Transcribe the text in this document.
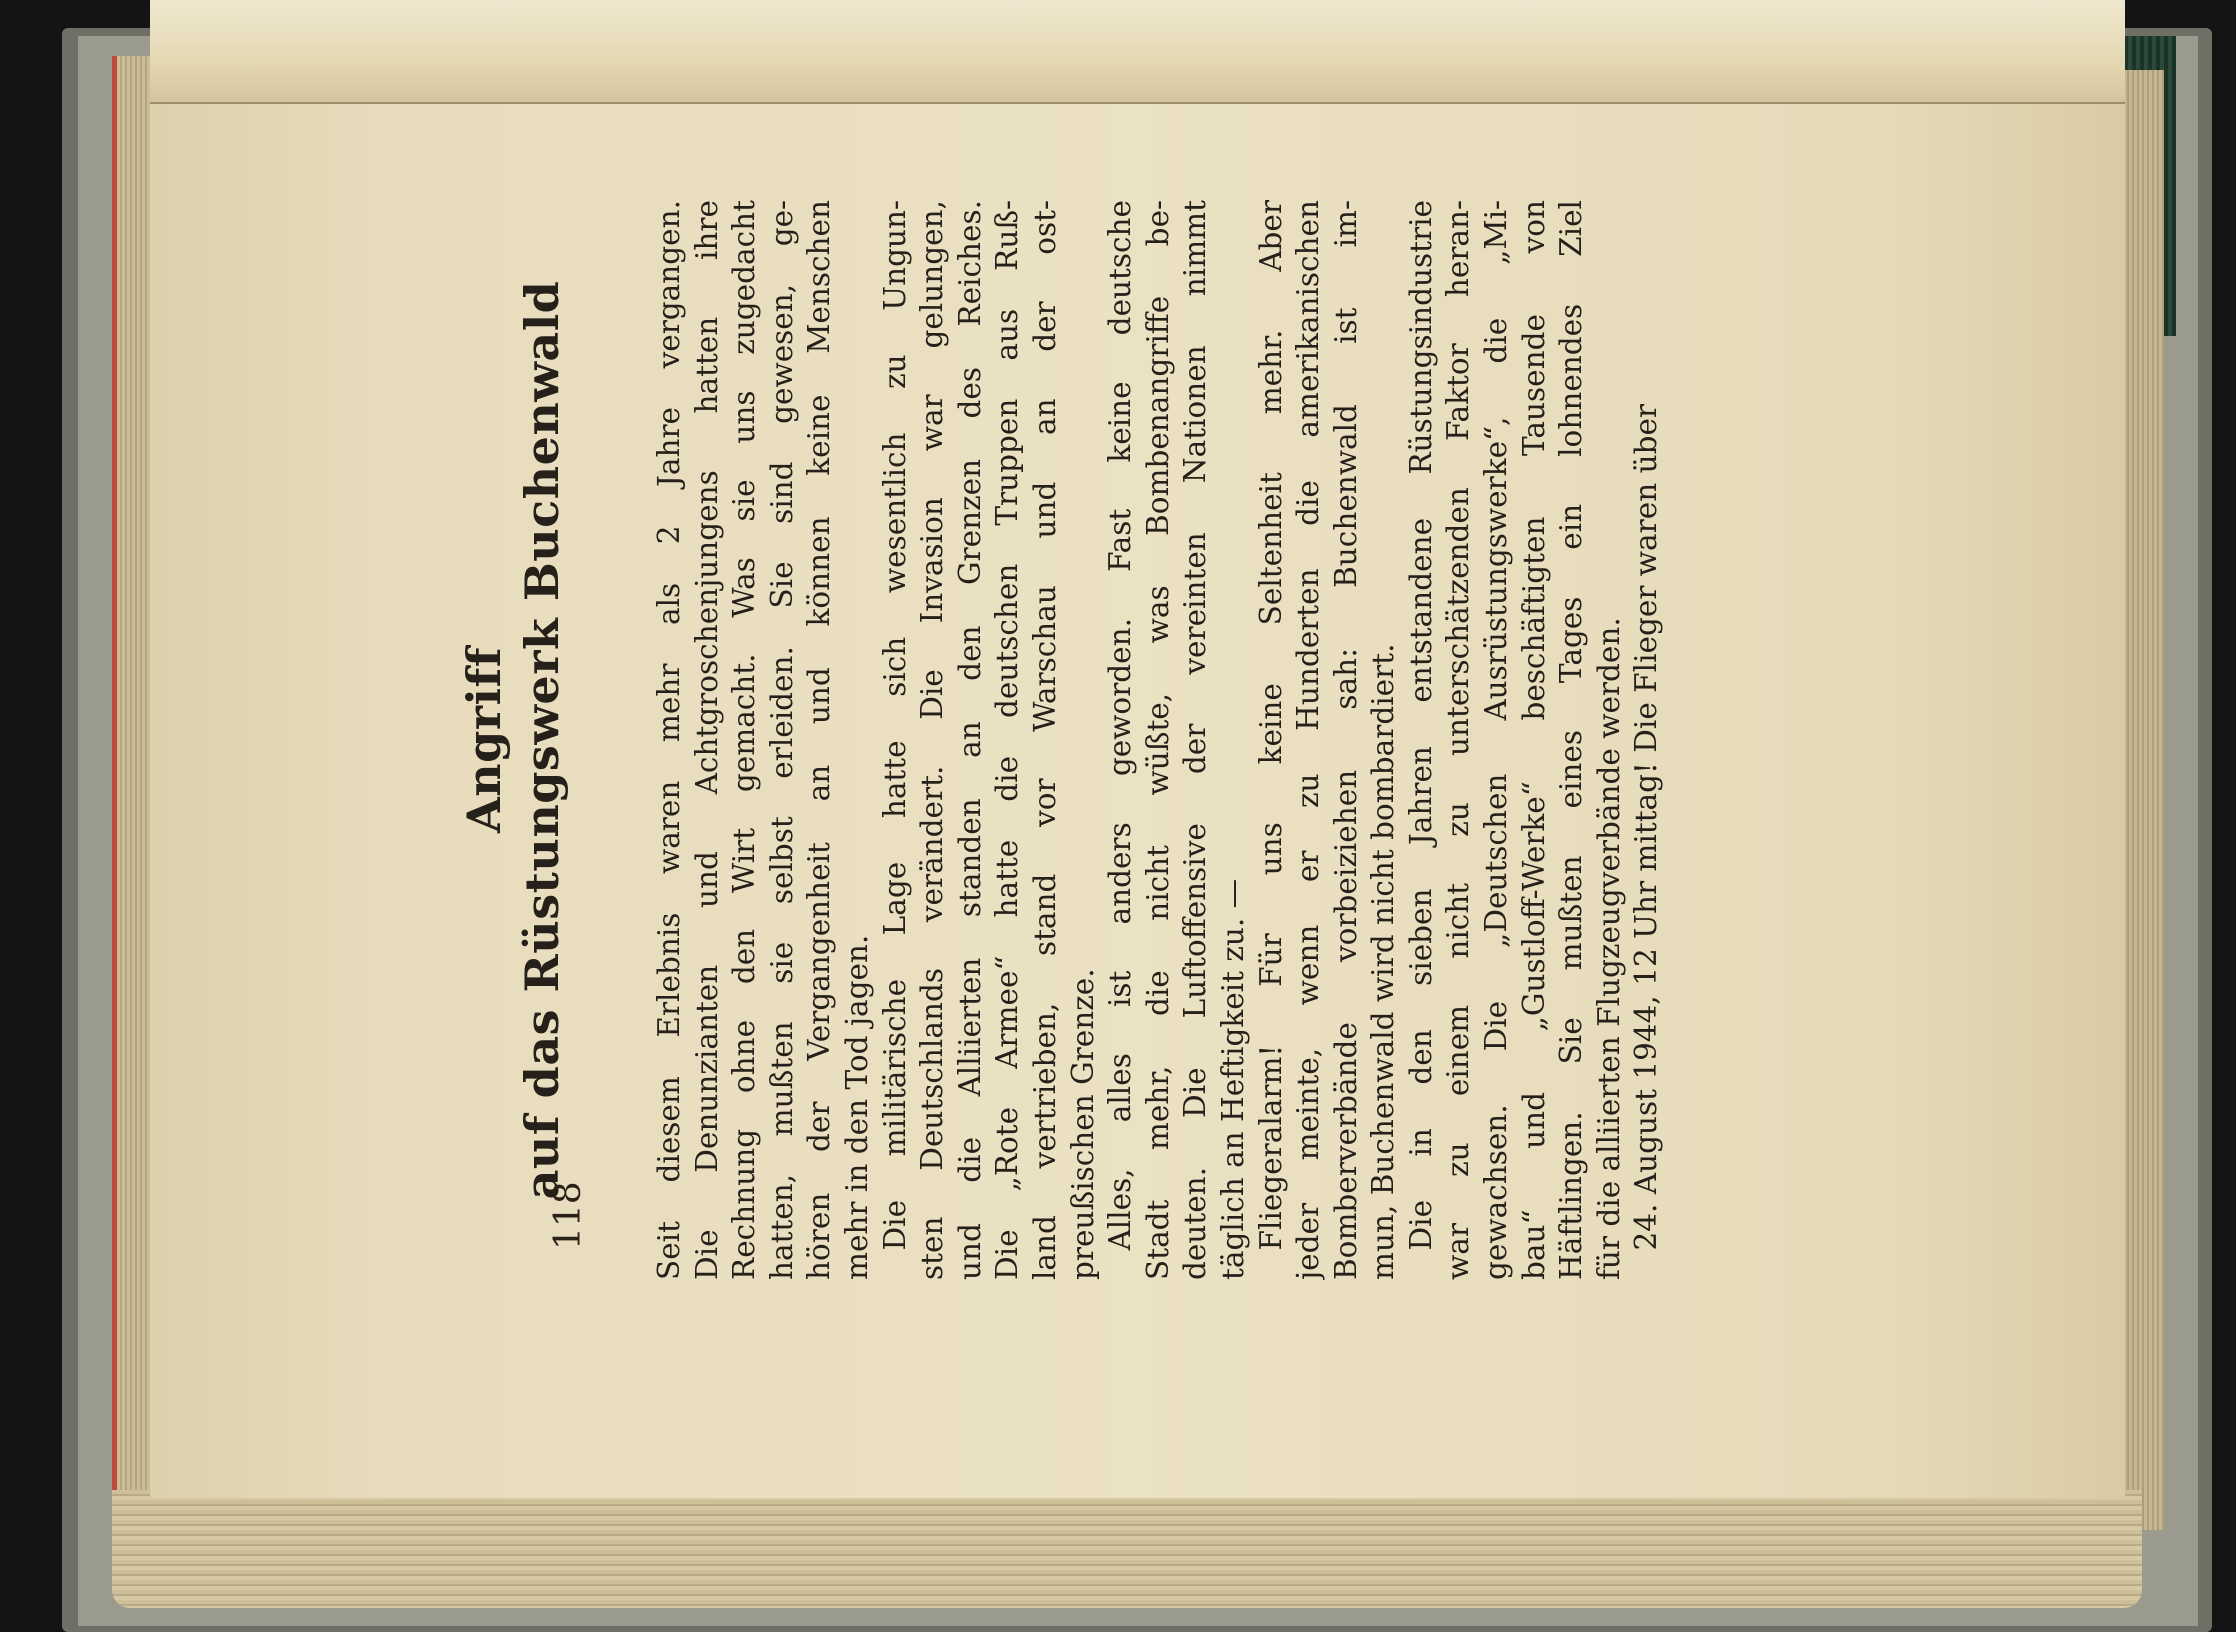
Angriff auf das Rüstungswerk Buchenwald	Seit diesem Erlebnis waren mehr als 2 Jahre vergangen. Die Denunzianten und Achtgroschenjungens hatten ihre Rechnung ohne den Wirt gemacht. Was sie uns zugedacht hatten, mußten sie selbst erleiden. Sie sind gewesen, ge- hören der Vergangenheit an und können keine Menschen mehr in den Tod jagen.  Die militärische Lage hatte sich wesentlich zu Ungun- sten Deutschlands verändert. Die Invasion war gelungen, und die Alliierten standen an den Grenzen des Reiches. Die „Rote Armee“ hatte die deutschen Truppen aus Ruß- land vertrieben, stand vor Warschau und an der ost- preußischen Grenze.  Alles, alles ist anders geworden. Fast keine deutsche Stadt mehr, die nicht wüßte, was Bombenangriffe be- deuten. Die Luftoffensive der vereinten Nationen nimmt täglich an Heftigkeit zu. —  Fliegeralarm! Für uns keine Seltenheit mehr. Aber jeder meinte, wenn er zu Hunderten die amerikanischen Bomberverbände vorbeiziehen sah: Buchenwald ist im- mun, Buchenwald wird nicht bombardiert.  Die in den sieben Jahren entstandene Rüstungsindustrie war zu einem nicht zu unterschätzenden Faktor heran- gewachsen. Die „Deutschen Ausrüstungswerke“, die „Mi- bau“ und „Gustloff-Werke“ beschäftigten Tausende von Häftlingen. Sie mußten eines Tages ein lohnendes Ziel für die alliierten Flugzeugverbände werden.  24. August 1944, 12 Uhr mittag! Die Flieger waren über

118
